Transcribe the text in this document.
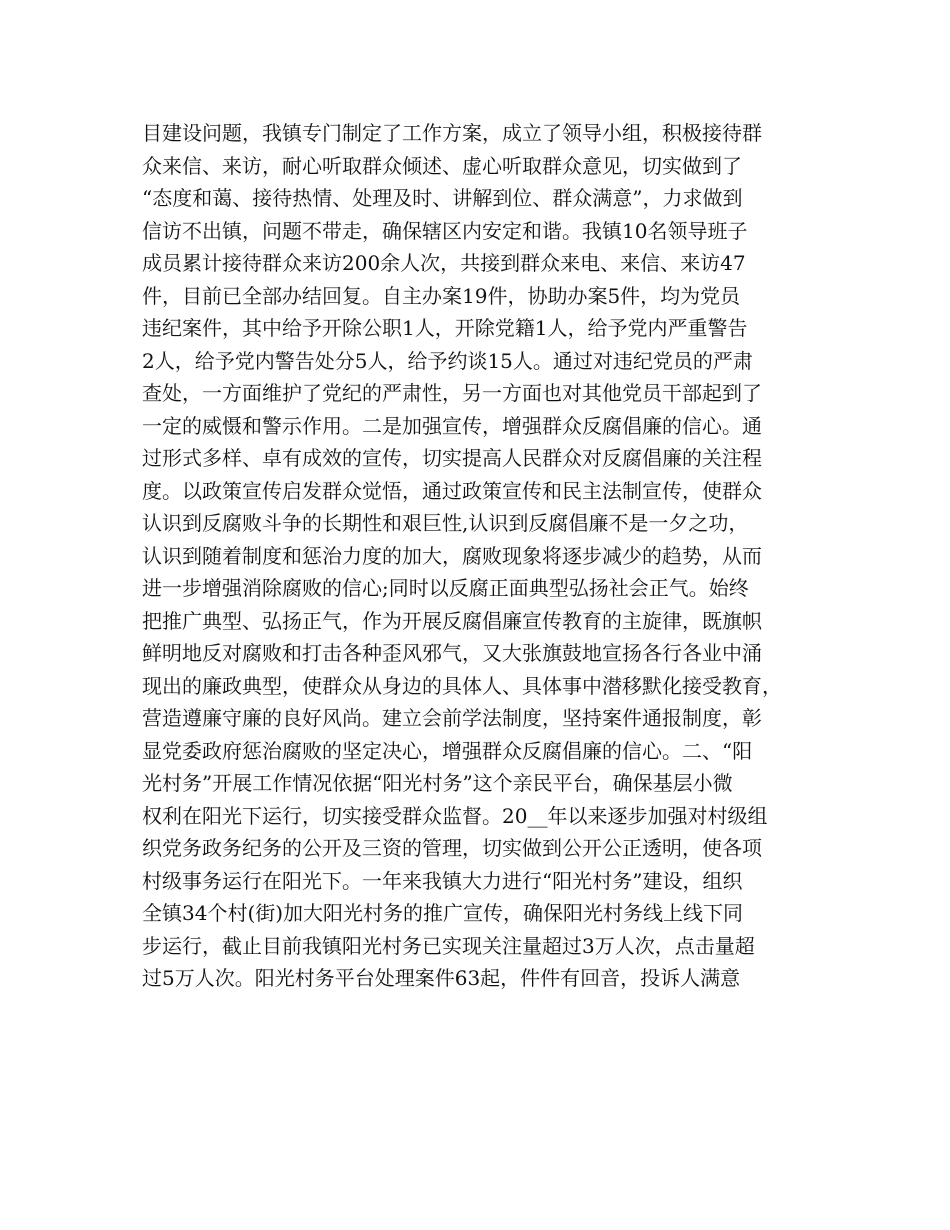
目建设问题，我镇专门制定了工作方案，成立了领导小组，积极接待群
众来信、来访，耐心听取群众倾述、虚心听取群众意见，切实做到了
“态度和蔼、接待热情、处理及时、讲解到位、群众满意”，力求做到
信访不出镇，问题不带走，确保辖区内安定和谐。我镇10名领导班子
成员累计接待群众来访200余人次，共接到群众来电、来信、来访47
件，目前已全部办结回复。自主办案19件，协助办案5件，均为党员
违纪案件，其中给予开除公职1人，开除党籍1人，给予党内严重警告
2人，给予党内警告处分5人，给予约谈15人。通过对违纪党员的严肃
查处，一方面维护了党纪的严肃性，另一方面也对其他党员干部起到了
一定的威慑和警示作用。二是加强宣传，增强群众反腐倡廉的信心。通
过形式多样、卓有成效的宣传，切实提高人民群众对反腐倡廉的关注程
度。以政策宣传启发群众觉悟，通过政策宣传和民主法制宣传，使群众
认识到反腐败斗争的长期性和艰巨性,认识到反腐倡廉不是一夕之功，
认识到随着制度和惩治力度的加大，腐败现象将逐步减少的趋势，从而
进一步增强消除腐败的信心;同时以反腐正面典型弘扬社会正气。始终
把推广典型、弘扬正气，作为开展反腐倡廉宣传教育的主旋律，既旗帜
鲜明地反对腐败和打击各种歪风邪气，又大张旗鼓地宣扬各行各业中涌
现出的廉政典型，使群众从身边的具体人、具体事中潜移默化接受教育，
营造遵廉守廉的良好风尚。建立会前学法制度，坚持案件通报制度，彰
显党委政府惩治腐败的坚定决心，增强群众反腐倡廉的信心。二、“阳
光村务”开展工作情况依据“阳光村务”这个亲民平台，确保基层小微
权利在阳光下运行，切实接受群众监督。20__年以来逐步加强对村级组
织党务政务纪务的公开及三资的管理，切实做到公开公正透明，使各项
村级事务运行在阳光下。一年来我镇大力进行“阳光村务”建设，组织
全镇34个村(街)加大阳光村务的推广宣传，确保阳光村务线上线下同
步运行，截止目前我镇阳光村务已实现关注量超过3万人次，点击量超
过5万人次。阳光村务平台处理案件63起，件件有回音，投诉人满意
